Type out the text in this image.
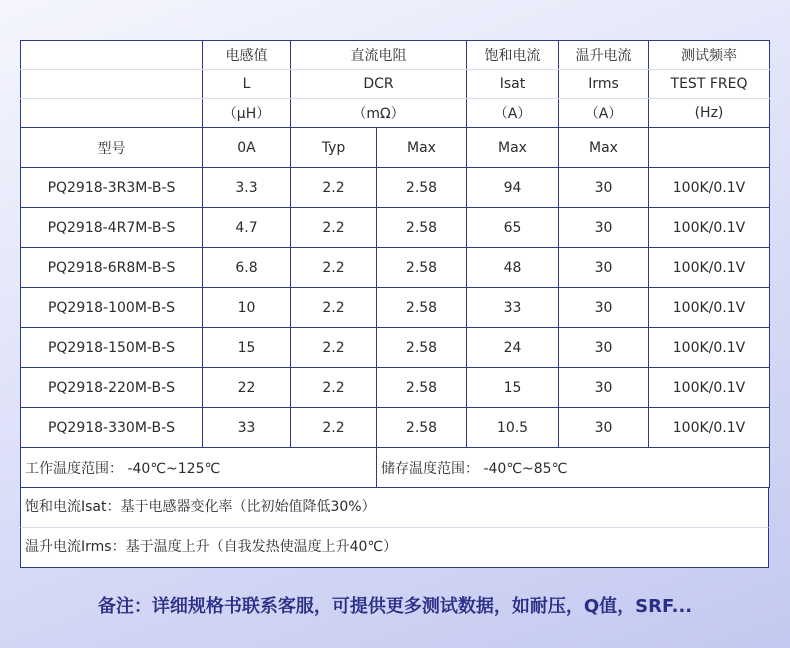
	电感值	直流电阻		饱和电流	温升电流	测试频率
	L	DCR		Isat	Irms	TEST FREQ
	（μH）	（mΩ）		（A）	（A）	(Hz)
型号	0A	Typ	Max	Max	Max	
PQ2918-3R3M-B-S	3.3	2.2	2.58	94	30	100K/0.1V
PQ2918-4R7M-B-S	4.7	2.2	2.58	65	30	100K/0.1V
PQ2918-6R8M-B-S	6.8	2.2	2.58	48	30	100K/0.1V
PQ2918-100M-B-S	10	2.2	2.58	33	30	100K/0.1V
PQ2918-150M-B-S	15	2.2	2.58	24	30	100K/0.1V
PQ2918-220M-B-S	22	2.2	2.58	15	30	100K/0.1V
PQ2918-330M-B-S	33	2.2	2.58	10.5	30	100K/0.1V
工作温度范围： -40℃~125℃			储存温度范围： -40℃~85℃			
饱和电流Isat：基于电感器变化率（比初始值降低30%）
温升电流Irms：基于温度上升（自我发热使温度上升40℃）
备注：详细规格书联系客服，可提供更多测试数据，如耐压，Q值，SRF...
